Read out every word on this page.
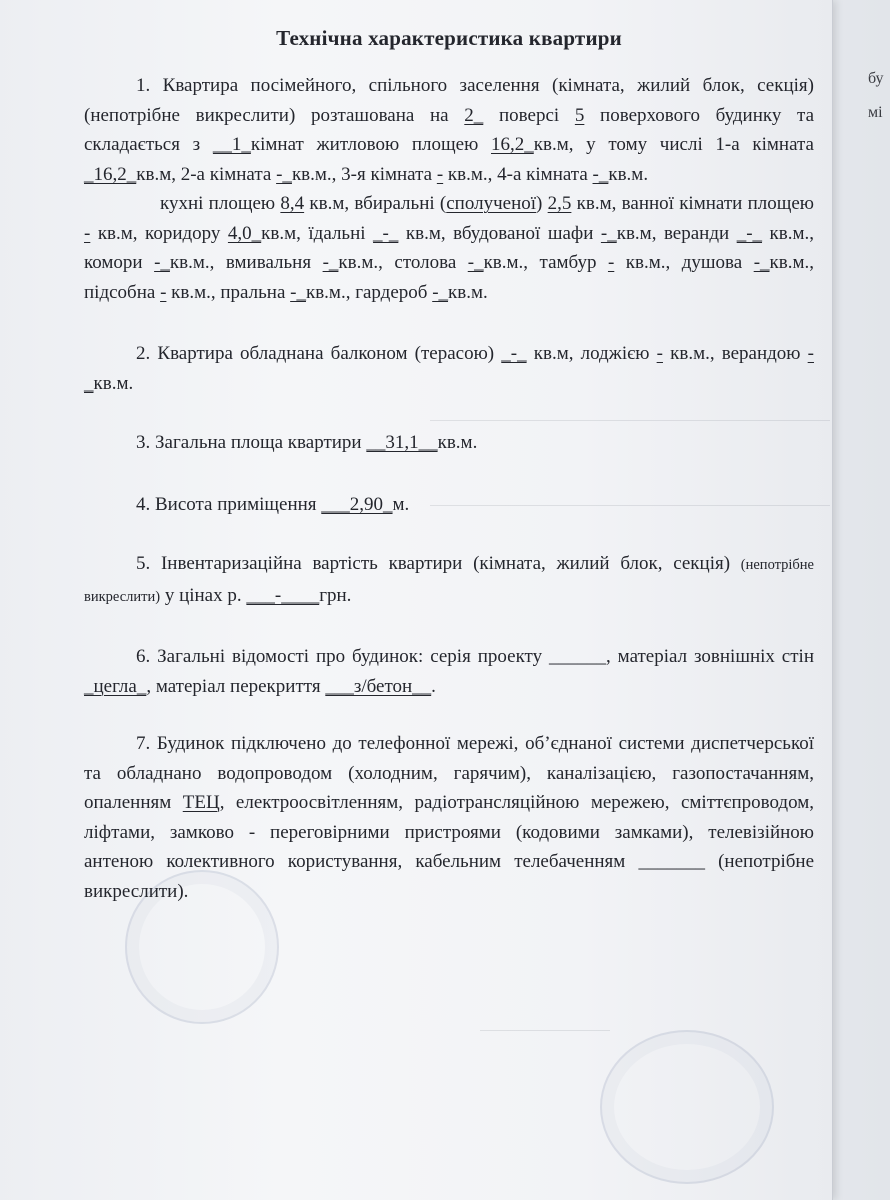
бу
мі
Технічна характеристика квартири

1. Квартира посімейного, спільного заселення (кімната, жилий блок, секція) (непотрібне викреслити) розташована на 2_ поверсі 5 поверхового будинку та складається з __1_кімнат житловою площею 16,2_кв.м, у тому числі 1-а кімната _16,2_кв.м, 2-а кімната -_кв.м., 3-я кімната - кв.м., 4-а кімната -_кв.м.

кухні площею 8,4 кв.м, вбиральні (сполученої) 2,5 кв.м, ванної кімнати площею - кв.м, коридору 4,0_кв.м, їдальні _-_ кв.м, вбудованої шафи -_кв.м, веранди _-_ кв.м., комори -_кв.м., вмивальня -_кв.м., столова -_кв.м., тамбур - кв.м., душова -_кв.м., підсобна - кв.м., пральна -_кв.м., гардероб -_кв.м.

2. Квартира обладнана балконом (терасою) _-_ кв.м, лоджією - кв.м., верандою -_кв.м.

3. Загальна площа квартири __31,1__кв.м.

4. Висота приміщення ___2,90_м.

5. Інвентаризаційна вартість квартири (кімната, жилий блок, секція) (непотрібне викреслити) у цінах р. ___-____грн.

6. Загальні відомості про будинок: серія проекту ______, матеріал зовнішніх стін _цегла_, матеріал перекриття ___з/бетон__.

7. Будинок підключено до телефонної мережі, об’єднаної системи диспетчерської та обладнано водопроводом (холодним, гарячим), каналізацією, газопостачанням, опаленням ТЕЦ, електроосвітленням, радіотрансляційною мережею, сміттєпроводом, ліфтами, замково - переговірними пристроями (кодовими замками), телевізійною антеною колективного користування, кабельним телебаченням _______ (непотрібне викреслити).
